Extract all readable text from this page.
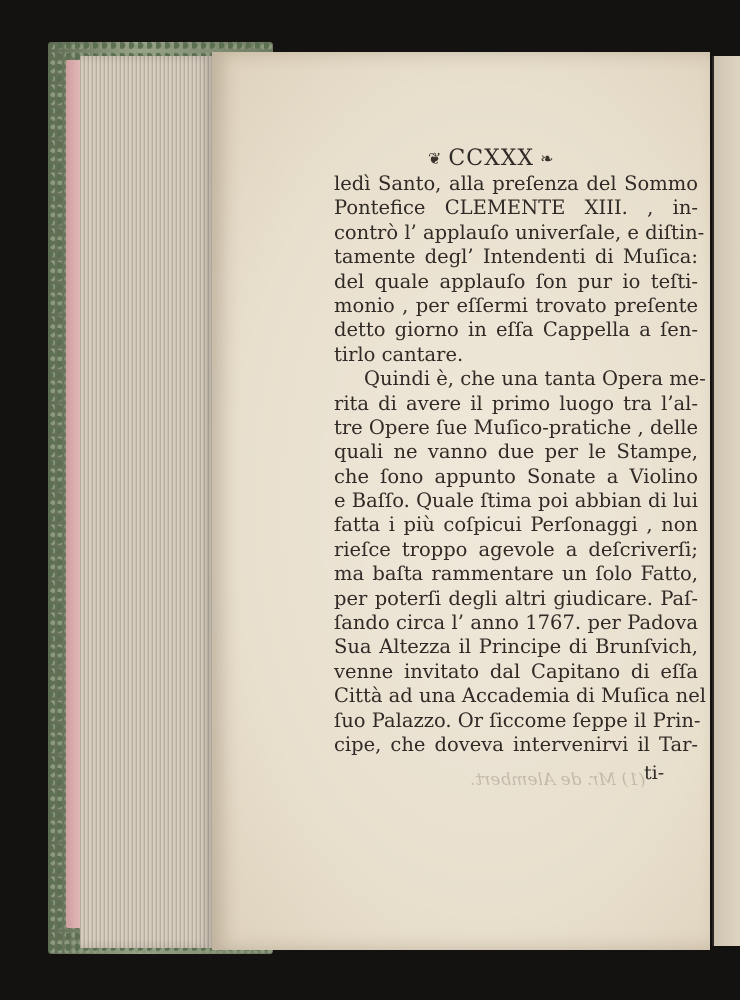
❦ CCXXX ❧
ledì Santo, alla preſenza del Sommo
Pontefice CLEMENTE XIII. , in-
contrò l’ applauſo univerſale, e diſtin-
tamente degl’ Intendenti di Muſica:
del quale applauſo ſon pur io teſti-
monio , per eſſermi trovato preſente
detto giorno in eſſa Cappella a ſen-
tirlo cantare.
Quindi è, che una tanta Opera me-
rita di avere il primo luogo tra l’al-
tre Opere ſue Muſico-pratiche , delle
quali ne vanno due per le Stampe,
che ſono appunto Sonate a Violino
e Baſſo. Quale ſtima poi abbian di lui
fatta i più coſpicui Perſonaggi , non
rieſce troppo agevole a deſcriverſi;
ma baſta rammentare un ſolo Fatto,
per poterſi degli altri giudicare. Paſ-
ſando circa l’ anno 1767. per Padova
Sua Altezza il Principe di Brunſvich,
venne invitato dal Capitano di eſſa
Città ad una Accademia di Muſica nel
ſuo Palazzo. Or ſiccome ſeppe il Prin-
cipe, che doveva intervenirvi il Tar-
(1) Mr. de Alembert.
ti-
